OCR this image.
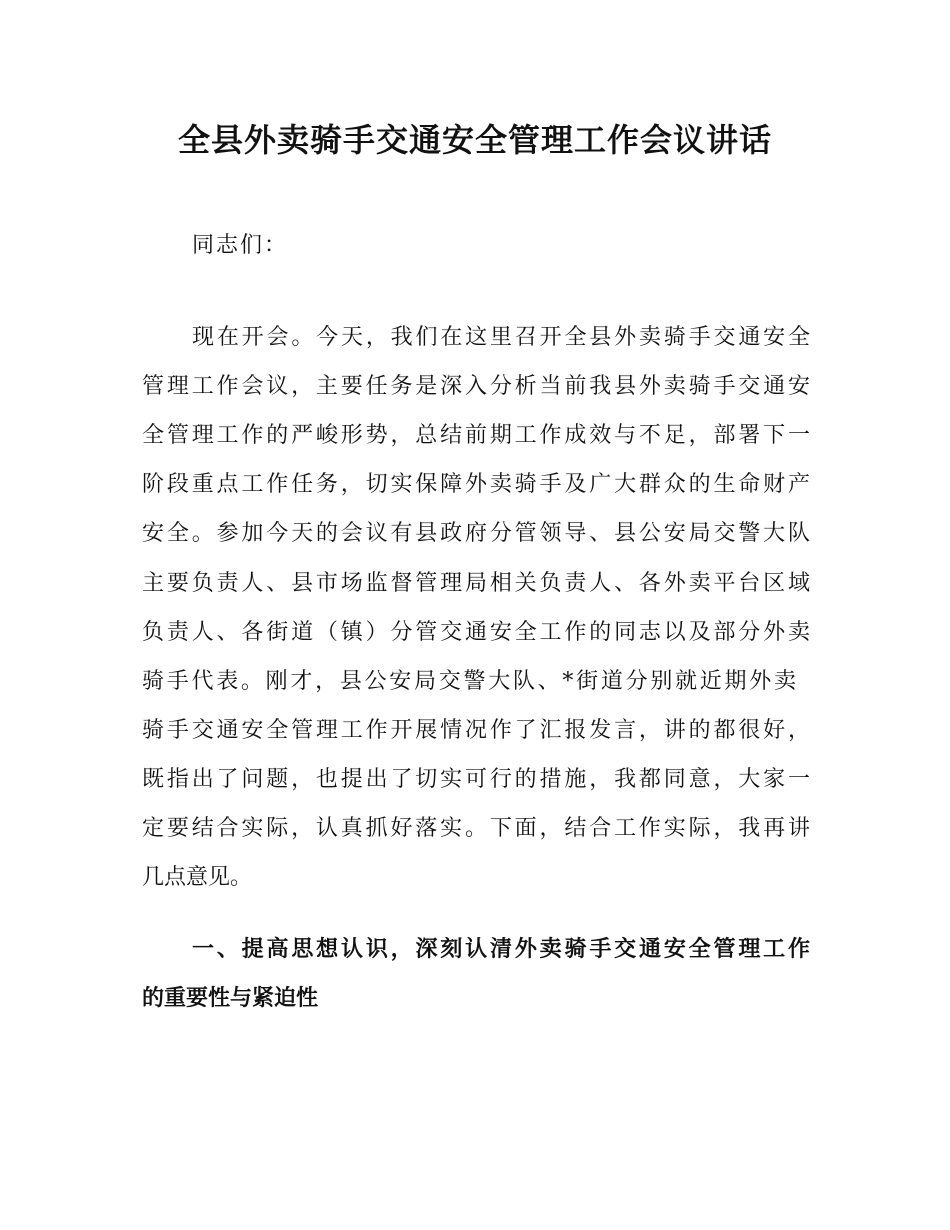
全县外卖骑手交通安全管理工作会议讲话

同志们：

现在开会。今天，我们在这里召开全县外卖骑手交通安全

管理工作会议，主要任务是深入分析当前我县外卖骑手交通安

全管理工作的严峻形势，总结前期工作成效与不足，部署下一

阶段重点工作任务，切实保障外卖骑手及广大群众的生命财产

安全。参加今天的会议有县政府分管领导、县公安局交警大队

主要负责人、县市场监督管理局相关负责人、各外卖平台区域

负责人、各街道（镇）分管交通安全工作的同志以及部分外卖

骑手代表。刚才，县公安局交警大队、*街道分别就近期外卖

骑手交通安全管理工作开展情况作了汇报发言，讲的都很好，

既指出了问题，也提出了切实可行的措施，我都同意，大家一

定要结合实际，认真抓好落实。下面，结合工作实际，我再讲

几点意见。

一、提高思想认识，深刻认清外卖骑手交通安全管理工作

的重要性与紧迫性
